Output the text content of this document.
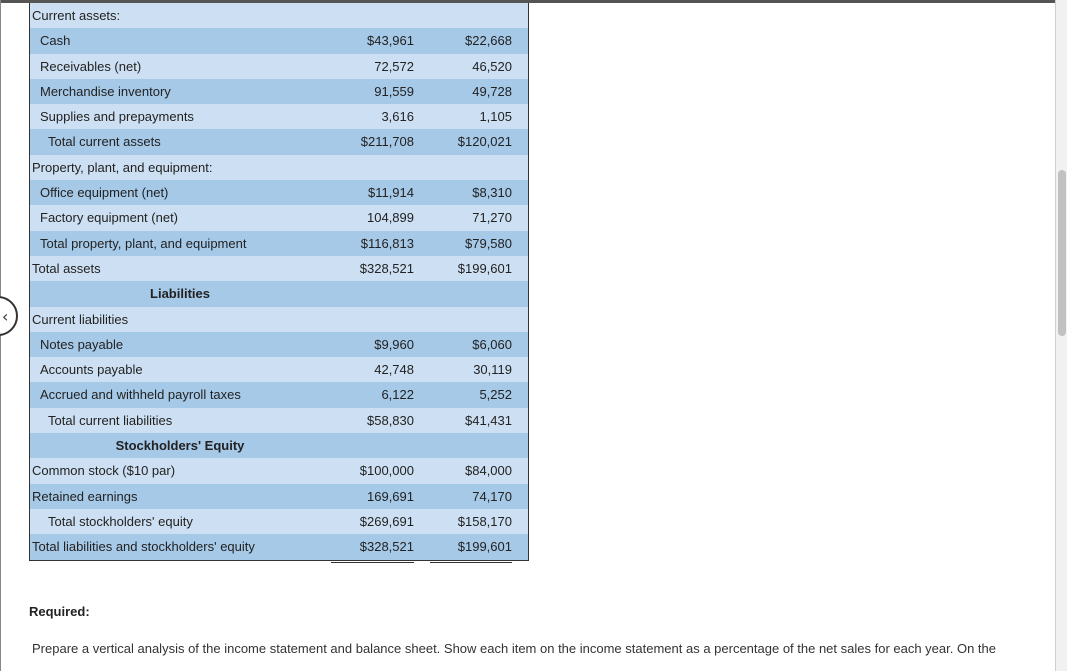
‹
Current assets:
Cash	$43,961	$22,668
Receivables (net)	72,572	46,520
Merchandise inventory	91,559	49,728
Supplies and prepayments	3,616	1,105
Total current assets	$211,708	$120,021
Property, plant, and equipment:
Office equipment (net)	$11,914	$8,310
Factory equipment (net)	104,899	71,270
Total property, plant, and equipment	$116,813	$79,580
Total assets	$328,521	$199,601
Liabilities
Current liabilities
Notes payable	$9,960	$6,060
Accounts payable	42,748	30,119
Accrued and withheld payroll taxes	6,122	5,252
Total current liabilities	$58,830	$41,431
Stockholders' Equity
Common stock ($10 par)	$100,000	$84,000
Retained earnings	169,691	74,170
Total stockholders' equity	$269,691	$158,170
Total liabilities and stockholders' equity	$328,521	$199,601
Required:
Prepare a vertical analysis of the income statement and balance sheet. Show each item on the income statement as a percentage of the net sales for each year. On the
